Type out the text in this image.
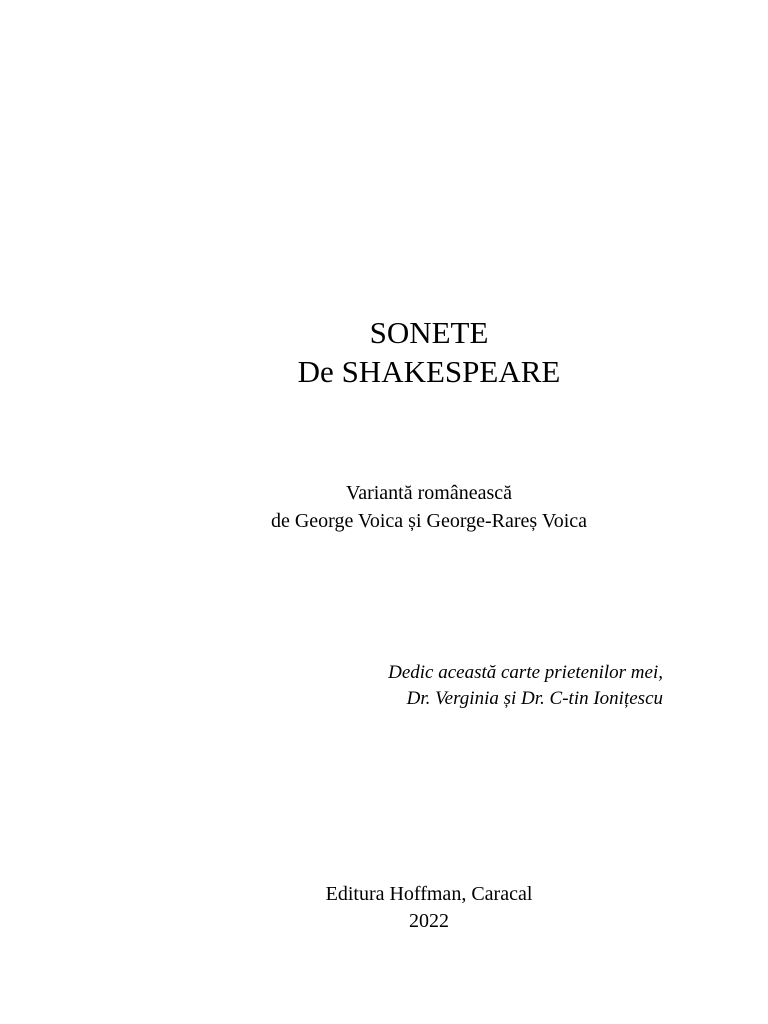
SONETE
De SHAKESPEARE
Variantă românească
de George Voica și George-Rareș Voica
Dedic această carte prietenilor mei,
Dr. Verginia și Dr. C-tin Ionițescu
Editura Hoffman, Caracal
2022
